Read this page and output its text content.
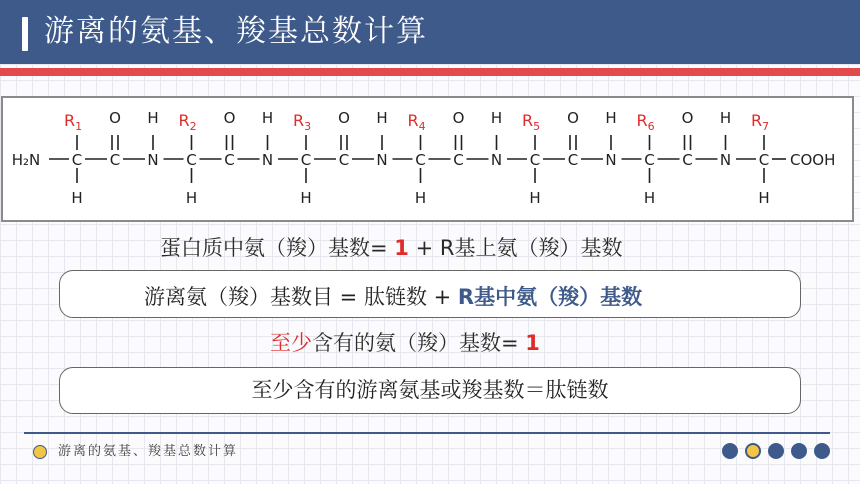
游离的氨基、羧基总数计算
H₂N C
$R_1$
H
C
O
N
H
C
$R_2$
H
C
O
N
H
C
$R_3$
H
C
O
N
H
C
$R_4$
H
C
O
N
H
C
$R_5$
H
C
O
N
H
C
$R_6$
H
C
O
N
H
C
$R_7$
H
COOH
蛋白质中氨（羧）基数= 1 + R基上氨（羧）基数
游离氨（羧）基数目 = 肽链数 + R基中氨（羧）基数
至少含有的氨（羧）基数= 1
至少含有的游离氨基或羧基数＝肽链数
游离的氨基、羧基总数计算
